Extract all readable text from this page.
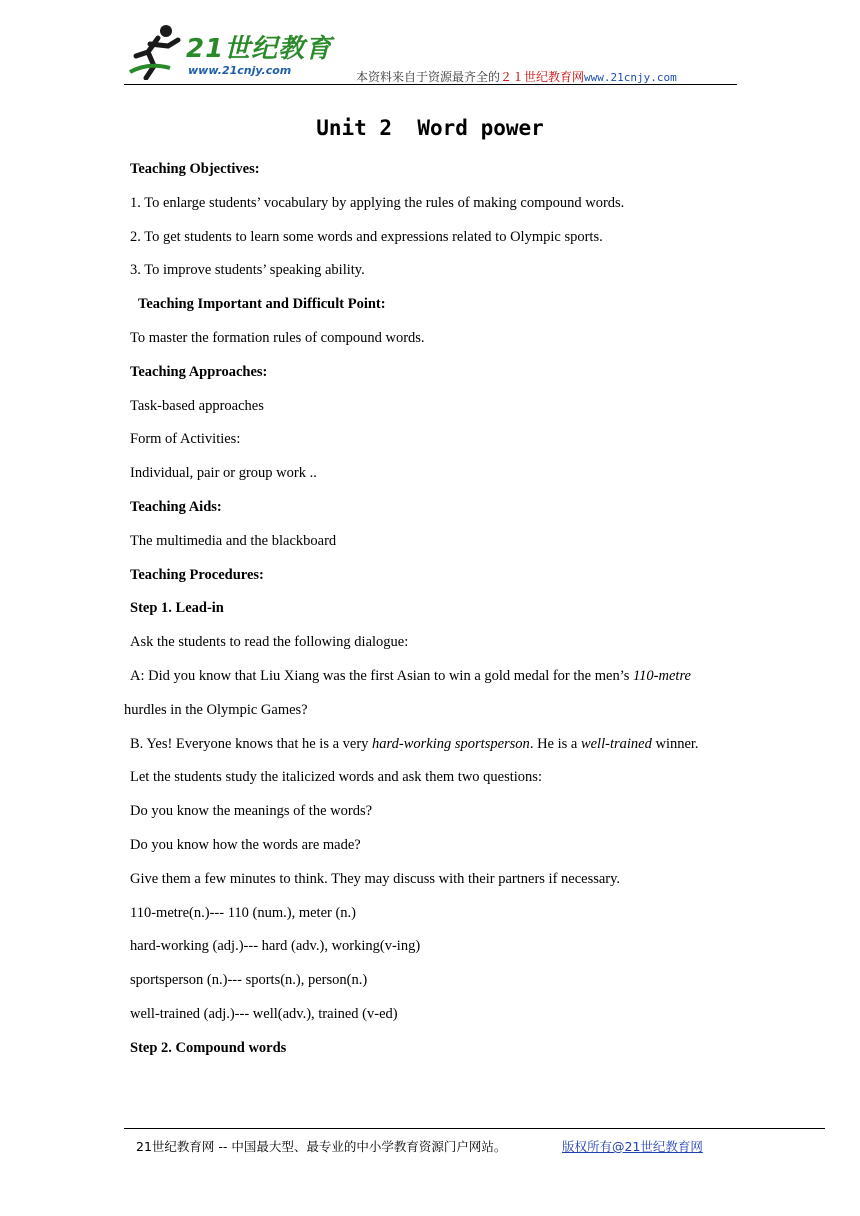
21世纪教育
www.21cnjy.com	本资料来自于资源最齐全的２１世纪教育网www.21cnjy.com
Unit 2  Word power
Teaching Objectives:
1. To enlarge students’ vocabulary by applying the rules of making compound words.
2. To get students to learn some words and expressions related to Olympic sports.
3. To improve students’ speaking ability.
Teaching Important and Difficult Point:
To master the formation rules of compound words.
Teaching Approaches:
Task-based approaches
Form of Activities:
Individual, pair or group work ..
Teaching Aids:
The multimedia and the blackboard
Teaching Procedures:
Step 1. Lead-in
Ask the students to read the following dialogue:
A: Did you know that Liu Xiang was the first Asian to win a gold medal for the men’s 110-metre
hurdles in the Olympic Games?
B. Yes! Everyone knows that he is a very hard-working sportsperson. He is a well-trained winner.
Let the students study the italicized words and ask them two questions:
Do you know the meanings of the words?
Do you know how the words are made?
Give them a few minutes to think. They may discuss with their partners if necessary.
110-metre(n.)--- 110 (num.), meter (n.)
hard-working (adj.)--- hard (adv.), working(v-ing)
sportsperson (n.)--- sports(n.), person(n.)
well-trained (adj.)--- well(adv.), trained (v-ed)
Step 2. Compound words
21世纪教育网 -- 中国最大型、最专业的中小学教育资源门户网站。	版权所有@21世纪教育网
